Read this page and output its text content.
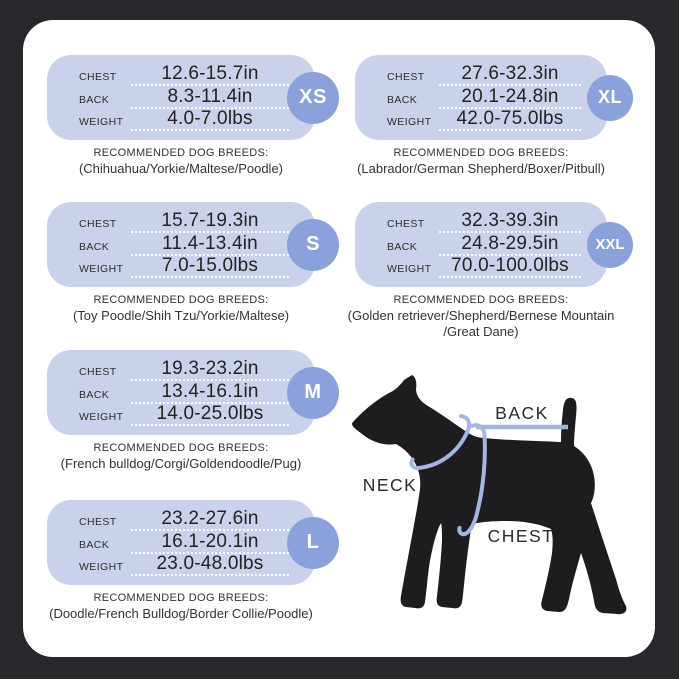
CHEST	12.6-15.7in
BACK	8.3-11.4in
WEIGHT	4.0-7.0lbs
XS
RECOMMENDED DOG BREEDS:
(Chihuahua/Yorkie/Maltese/Poodle)
CHEST	15.7-19.3in
BACK	11.4-13.4in
WEIGHT	7.0-15.0lbs
S
RECOMMENDED DOG BREEDS:
(Toy Poodle/Shih Tzu/Yorkie/Maltese)
CHEST	19.3-23.2in
BACK	13.4-16.1in
WEIGHT	14.0-25.0lbs
M
RECOMMENDED DOG BREEDS:
(French bulldog/Corgi/Goldendoodle/Pug)
CHEST	23.2-27.6in
BACK	16.1-20.1in
WEIGHT	23.0-48.0lbs
L
RECOMMENDED DOG BREEDS:
(Doodle/French Bulldog/Border Collie/Poodle)
CHEST	27.6-32.3in
BACK	20.1-24.8in
WEIGHT	42.0-75.0lbs
XL
RECOMMENDED DOG BREEDS:
(Labrador/German Shepherd/Boxer/Pitbull)
CHEST	32.3-39.3in
BACK	24.8-29.5in
WEIGHT	70.0-100.0lbs
XXL
RECOMMENDED DOG BREEDS:
(Golden retriever/Shepherd/Bernese Mountain /Great Dane)
BACK
NECK
CHEST
